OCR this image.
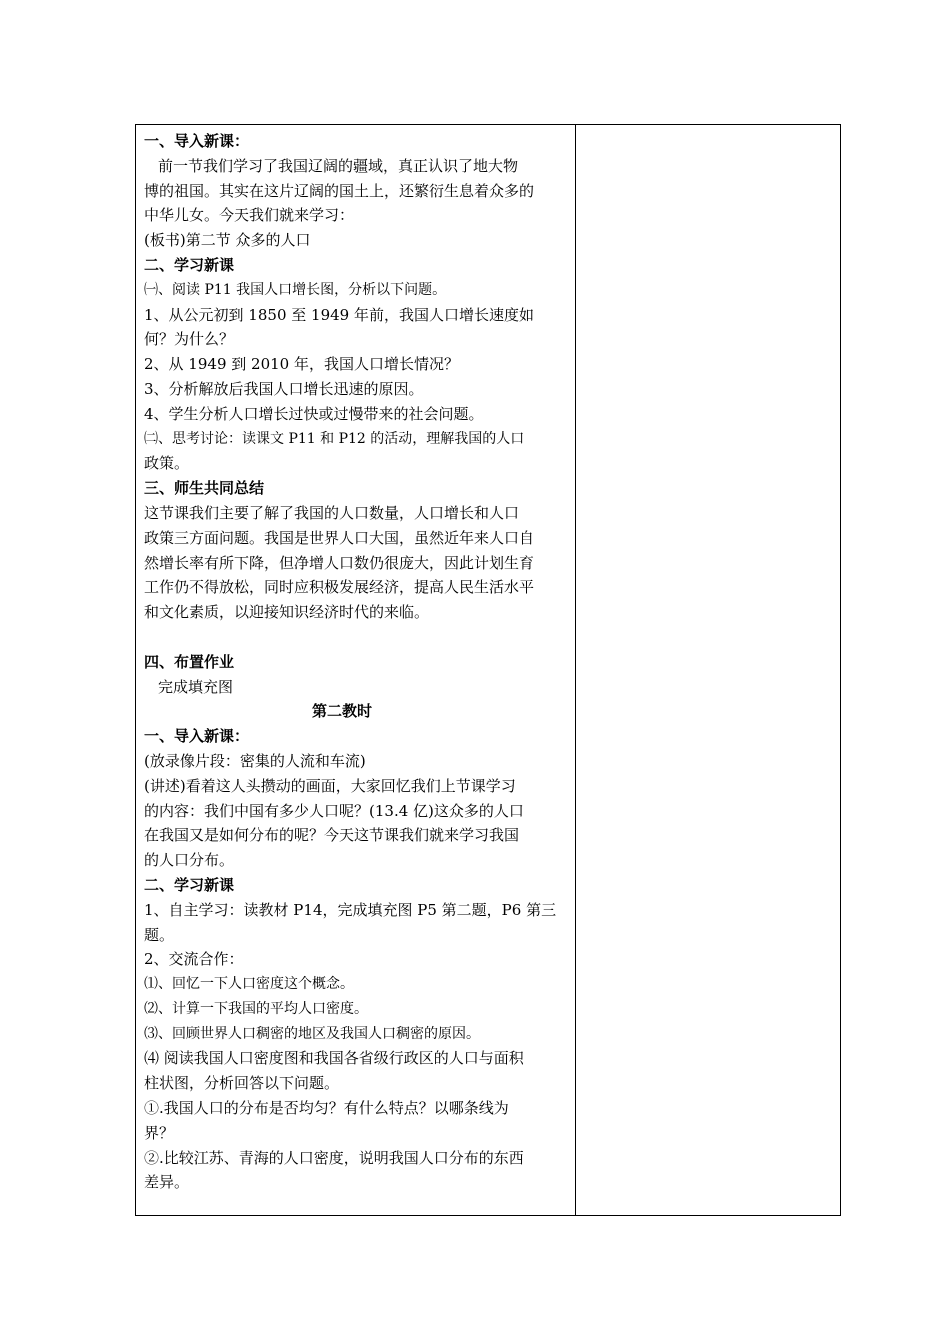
一、导入新课：
前一节我们学习了我国辽阔的疆域，真正认识了地大物
博的祖国。其实在这片辽阔的国土上，还繁衍生息着众多的
中华儿女。今天我们就来学习：
(板书)第二节 众多的人口
二、学习新课
㈠、阅读 P11 我国人口增长图，分析以下问题。
1、从公元初到 1850 至 1949 年前，我国人口增长速度如
何？为什么？
2、从 1949 到 2010 年，我国人口增长情况？
3、分析解放后我国人口增长迅速的原因。
4、学生分析人口增长过快或过慢带来的社会问题。
㈡、思考讨论：读课文 P11 和 P12 的活动，理解我国的人口
政策。
三、师生共同总结
这节课我们主要了解了我国的人口数量，人口增长和人口
政策三方面问题。我国是世界人口大国，虽然近年来人口自
然增长率有所下降，但净增人口数仍很庞大，因此计划生育
工作仍不得放松，同时应积极发展经济，提高人民生活水平
和文化素质，以迎接知识经济时代的来临。
四、布置作业
完成填充图
第二教时
一、导入新课：
(放录像片段：密集的人流和车流)
(讲述)看着这人头攒动的画面，大家回忆我们上节课学习
的内容：我们中国有多少人口呢？(13.4 亿)这众多的人口
在我国又是如何分布的呢？今天这节课我们就来学习我国
的人口分布。
二、学习新课
1、自主学习：读教材 P14，完成填充图 P5 第二题，P6 第三
题。
2、交流合作：
⑴、回忆一下人口密度这个概念。
⑵、计算一下我国的平均人口密度。
⑶、回顾世界人口稠密的地区及我国人口稠密的原因。
⑷ 阅读我国人口密度图和我国各省级行政区的人口与面积
柱状图，分析回答以下问题。
①.我国人口的分布是否均匀？有什么特点？以哪条线为
界？
②.比较江苏、青海的人口密度，说明我国人口分布的东西
差异。
